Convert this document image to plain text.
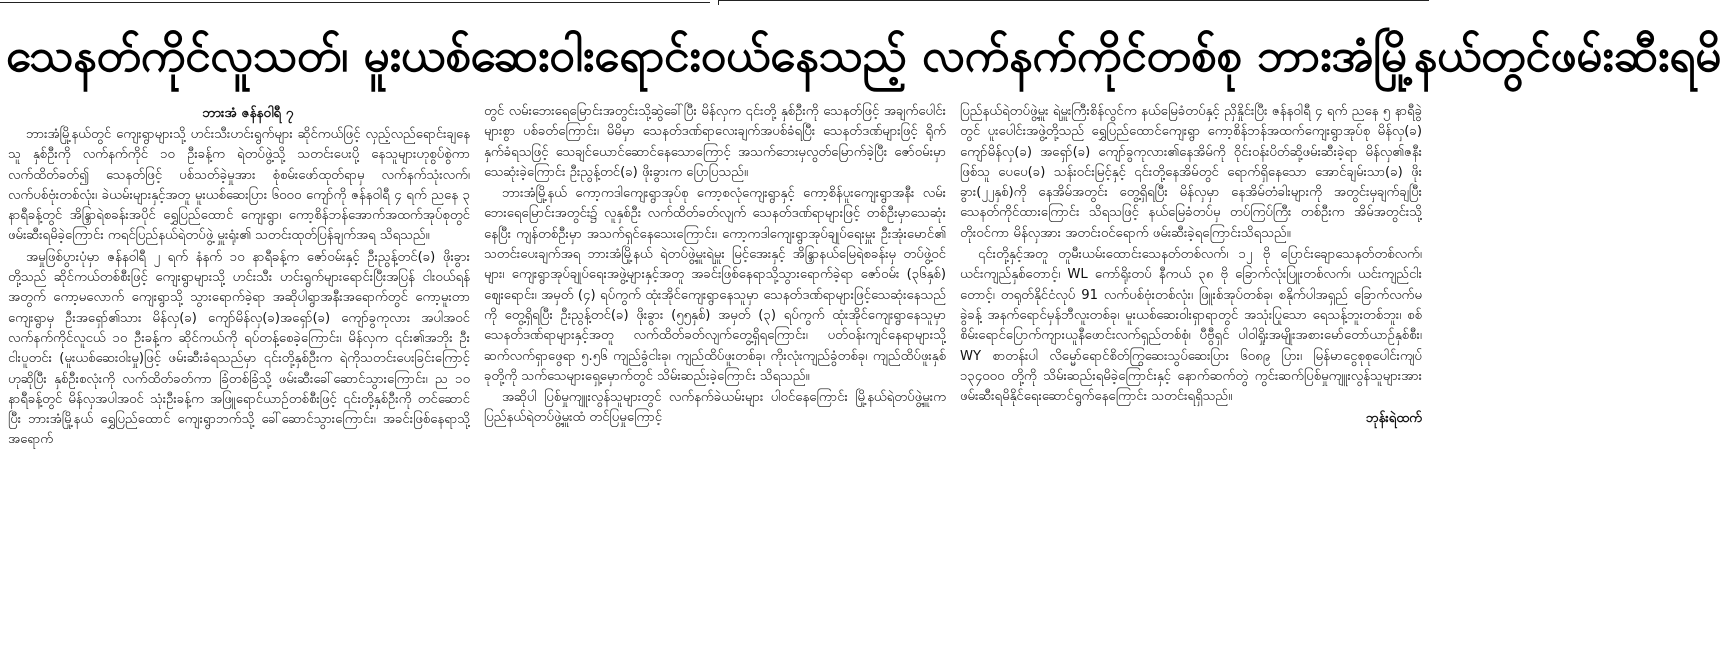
သေနတ်ကိုင်လူသတ်၊ မူးယစ်ဆေးဝါးရောင်းဝယ်နေသည့် လက်နက်ကိုင်တစ်စု ဘားအံမြို့နယ်တွင်ဖမ်းဆီးရမိ

ဘားအံ ဇန်နဝါရီ ၇

ဘားအံမြို့နယ်တွင် ကျေးရွာများသို့ ဟင်းသီးဟင်းရွက်များ ဆိုင်ကယ်ဖြင့် လှည့်လည်ရောင်းချနေသူ နှစ်ဦးကို လက်နက်ကိုင် ၁၀ ဦးခန့်က ရဲတပ်ဖွဲ့သို့ သတင်းပေးပို့ နေသူများဟုစွပ်စွဲကာ လက်ထိတ်ခတ်၍ သေနတ်ဖြင့် ပစ်သတ်ခဲ့မှုအား စုံစမ်းဖော်ထုတ်ရာမှ လက်နက်သုံးလက်၊ လက်ပစ်ဗုံးတစ်လုံး၊ ခဲယမ်းများနှင့်အတူ မူးယစ်ဆေးပြား ၆၀၀၀ ကျော်ကို ဇန်နဝါရီ ၄ ရက် ညနေ ၃ နာရီခန့်တွင် အိန္ဒြာရဲစခန်းအပိုင် ရွှေပြည်ထောင် ကျေးရွာ၊ ကော့စိန်ဘန်အောက်အထက်အုပ်စုတွင် ဖမ်းဆီးရမိခဲ့ကြောင်း ကရင်ပြည်နယ်ရဲတပ်ဖွဲ့ မှူးရုံး၏ သတင်းထုတ်ပြန်ချက်အရ သိရသည်။

အမှုဖြစ်ပွားပုံမှာ ဇန်နဝါရီ ၂ ရက် နံနက် ၁၀ နာရီခန့်က ဇော်ဝမ်းနှင့် ဦးညွန့်တင်(ခ) ဖိုးခွားတို့သည် ဆိုင်ကယ်တစ်စီးဖြင့် ကျေးရွာများသို့ ဟင်းသီး ဟင်းရွက်များရောင်းပြီးအပြန် ငါးဝယ်ရန်အတွက် ကော့မလောက် ကျေးရွာသို့ သွားရောက်ခဲ့ရာ အဆိုပါရွာအနီးအရောက်တွင် ကော့မူးတာကျေးရွာမှ ဦးအရှော်၏သား မိန်လှ(ခ) ကျော်မိန်လှ(ခ)အရှော်(ခ) ကျော်ခွကုလား အပါအဝင် လက်နက်ကိုင်လူငယ် ၁၀ ဦးခန့်က ဆိုင်ကယ်ကို ရပ်တန့်စေခဲ့ကြောင်း၊ မိန်လှက ၎င်း၏အဘိုး ဦးငါးပူတင်း (မူးယစ်ဆေးဝါးမှု)ဖြင့် ဖမ်းဆီးခံရသည်မှာ ၎င်းတို့နှစ်ဦးက ရဲကိုသတင်းပေးခြင်းကြောင့်ဟုဆိုပြီး နှစ်ဦးစလုံးကို လက်ထိတ်ခတ်ကာ ခြံတစ်ခြံသို့ ဖမ်းဆီးခေါ်ဆောင်သွားကြောင်း၊ ည ၁၀ နာရီခန့်တွင် မိန်လှအပါအဝင် သုံးဦးခန့်က အဖြူရောင်ယာဉ်တစ်စီးဖြင့် ၎င်းတို့နှစ်ဦးကို တင်ဆောင်ပြီး ဘားအံမြို့နယ် ရွှေပြည်ထောင် ကျေးရွာဘက်သို့ ခေါ်ဆောင်သွားကြောင်း၊ အခင်းဖြစ်နေရာသို့ အရောက်

တွင် လမ်းဘေးရေမြောင်းအတွင်းသို့ဆွဲခေါ်ပြီး မိန်လှက ၎င်းတို့ နှစ်ဦးကို သေနတ်ဖြင့် အချက်ပေါင်းများစွာ ပစ်ခတ်ကြောင်း၊ မိမိမှာ သေနတ်ဒဏ်ရာလေးချက်အပစ်ခံရပြီး သေနတ်ဒဏ်များဖြင့် ရိုက်နှက်ခံရသဖြင့် သေချင်ယောင်ဆောင်နေသောကြောင့် အသက်ဘေးမှလွတ်မြောက်ခဲ့ပြီး ဇော်ဝမ်းမှာ သေဆုံးခဲ့ကြောင်း ဦးညွန့်တင်(ခ) ဖိုးခွားက ပြောပြသည်။

ဘားအံမြို့နယ် ကော့ကဒါကျေးရွာအုပ်စု ကော့စလုံကျေးရွာနှင့် ကော့စိန်ပူးကျေးရွာအနီး လမ်းဘေးရေမြောင်းအတွင်း၌ လူနှစ်ဦး လက်ထိတ်ခတ်လျက် သေနတ်ဒဏ်ရာများဖြင့် တစ်ဦးမှာသေဆုံးနေပြီး ကျန်တစ်ဦးမှာ အသက်ရှင်နေသေးကြောင်း၊ ကော့ကဒါကျေးရွာအုပ်ချုပ်ရေးမှူး ဦးအုံးမောင်၏ သတင်းပေးချက်အရ ဘားအံမြို့နယ် ရဲတပ်ဖွဲ့မှူးရဲမှူး မြင့်အေးနှင့် အိန္ဒြာနယ်မြေရဲစခန်းမှ တပ်ဖွဲ့ဝင်များ၊ ကျေးရွာအုပ်ချုပ်ရေးအဖွဲ့များနှင့်အတူ အခင်းဖြစ်နေရာသို့သွားရောက်ခဲ့ရာ ဇော်ဝမ်း (၃၆နှစ်) ဈေးရောင်း၊ အမှတ် (၄) ရပ်ကွက် ထုံးအိုင်ကျေးရွာနေသူမှာ သေနတ်ဒဏ်ရာများဖြင့်သေဆုံးနေသည်ကို တွေ့ရှိရပြီး ဦးညွန့်တင်(ခ) ဖိုးခွား (၅၅နှစ်) အမှတ် (၃) ရပ်ကွက် ထုံးအိုင်ကျေးရွာနေသူမှာ သေနတ်ဒဏ်ရာများနှင့်အတူ လက်ထိတ်ခတ်လျက်တွေ့ရှိရကြောင်း၊ ပတ်ဝန်းကျင်နေရာများသို့ ဆက်လက်ရှာဖွေရာ ၅.၅၆ ကျည်ခွံငါးခု၊ ကျည်ထိပ်ဖူးတစ်ခု၊ ကိုးလုံးကျည်ခွံတစ်ခု၊ ကျည်ထိပ်ဖူးနှစ်ခုတို့ကို သက်သေများရှေ့မှောက်တွင် သိမ်းဆည်းခဲ့ကြောင်း သိရသည်။

အဆိုပါ ပြစ်မှုကျူးလွန်သူများတွင် လက်နက်ခဲယမ်းများ ပါဝင်နေကြောင်း မြို့နယ်ရဲတပ်ဖွဲ့မှူးက ပြည်နယ်ရဲတပ်ဖွဲ့မှူးထံ တင်ပြမှုကြောင့်

ပြည်နယ်ရဲတပ်ဖွဲ့မှူး ရဲမှူးကြီးစိန်လွင်က နယ်မြေခံတပ်နှင့် ညှိနှိုင်းပြီး ဇန်နဝါရီ ၄ ရက် ညနေ ၅ နာရီခွဲတွင် ပူးပေါင်းအဖွဲ့တို့သည် ရွှေပြည်ထောင်ကျေးရွာ ကော့စိန်ဘန်အထက်ကျေးရွာအုပ်စု မိန်လှ(ခ) ကျော်မိန်လှ(ခ) အရှော်(ခ) ကျော်ခွကုလား၏နေအိမ်ကို ဝိုင်းဝန်းပိတ်ဆို့ဖမ်းဆီးခဲ့ရာ မိန်လှ၏ဇနီးဖြစ်သူ ပေပေ(ခ) သန်းဝင်းမြင့်နှင့် ၎င်းတို့နေအိမ်တွင် ရောက်ရှိနေသော အောင်ချမ်းသာ(ခ) ဖိုးခွား(၂၂နှစ်)ကို နေအိမ်အတွင်း တွေ့ရှိရပြီး မိန်လှမှာ နေအိမ်တံခါးများကို အတွင်းမှချက်ချပြီး သေနတ်ကိုင်ထားကြောင်း သိရသဖြင့် နယ်မြေခံတပ်မှ တပ်ကြပ်ကြီး တစ်ဦးက အိမ်အတွင်းသို့ တိုးဝင်ကာ မိန်လှအား အတင်းဝင်ရောက် ဖမ်းဆီးခဲ့ရကြောင်းသိရသည်။

၎င်းတို့နှင့်အတူ တူမီးယမ်းထောင်းသေနတ်တစ်လက်၊ ၁၂ ဗို ပြောင်းချောသေနတ်တစ်လက်၊ ယင်းကျည်နှစ်တောင့်၊ WL ကော်ရိုးတပ် နီကယ် ၃၈ ဗို ခြောက်လုံးပြူးတစ်လက်၊ ယင်းကျည်ငါးတောင့်၊ တရုတ်နိုင်ငံလုပ် 91 လက်ပစ်ဗုံးတစ်လုံး၊ ဖြူးစ်အုပ်တစ်ခု၊ စနိုက်ပါအရှည် ခြောက်လက်မခွဲခန့် အနက်ရောင်မှန်ဘီလူးတစ်ခု၊ မူးယစ်ဆေးဝါးရှာရာတွင် အသုံးပြုသော ရေသန့်ဘူးတစ်ဘူး၊ စစ်စိမ်းရောင်ပြောက်ကျားယူနီဖောင်းလက်ရှည်တစ်စုံ၊ ပီဗွီရှင် ပါဝါရှိုးအမျိုးအစားမော်တော်ယာဉ်နှစ်စီး၊ WY စာတန်းပါ လိမ္မော်ရောင်စိတ်ကြွဆေးသွပ်ဆေးပြား ၆၀၈၉ ပြား၊ မြန်မာငွေစုစုပေါင်းကျပ် ၁၃၄၀၀၀ တို့ကို သိမ်းဆည်းရမိခဲ့ကြောင်းနှင့် နောက်ဆက်တွဲ ကွင်းဆက်ပြစ်မှုကျူးလွန်သူများအား ဖမ်းဆီးရမိနိုင်ရေးဆောင်ရွက်နေကြောင်း သတင်းရရှိသည်။

ဘုန်းရဲထက်
